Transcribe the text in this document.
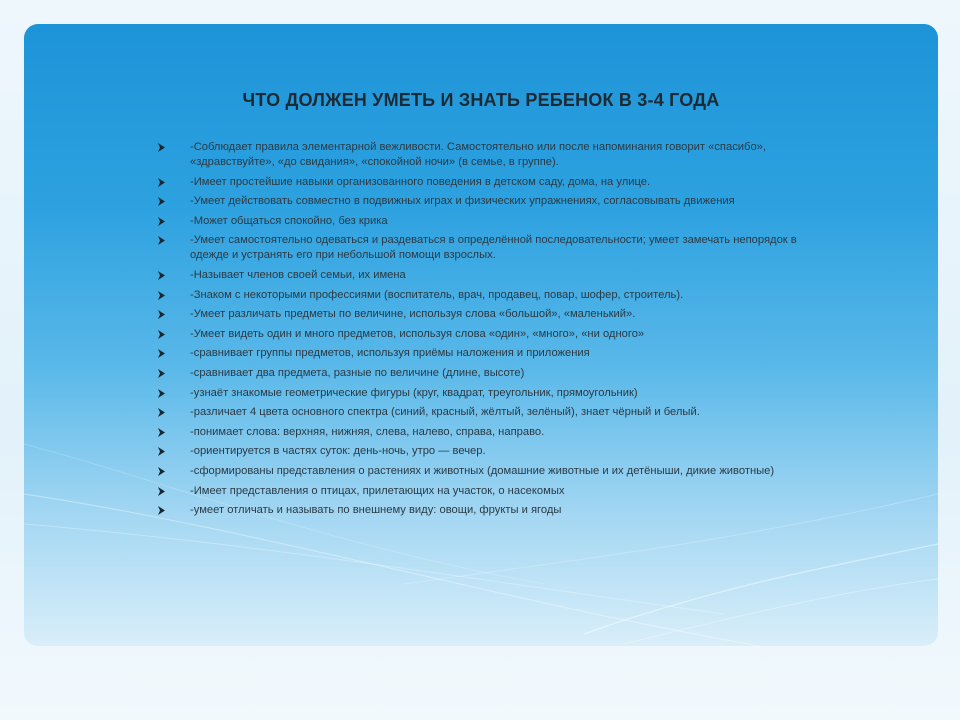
ЧТО ДОЛЖЕН УМЕТЬ И ЗНАТЬ РЕБЕНОК В 3-4 ГОДА
-Соблюдает правила элементарной вежливости. Самостоятельно или после напоминания говорит «спасибо», «здравствуйте», «до свидания», «спокойной ночи» (в семье, в группе).
-Имеет простейшие навыки организованного поведения в детском саду, дома, на улице.
-Умеет действовать совместно в подвижных играх и физических упражнениях, согласовывать движения
-Может общаться спокойно, без крика
-Умеет самостоятельно одеваться и раздеваться в определённой последовательности; умеет замечать непорядок в одежде и устранять его при небольшой помощи взрослых.
-Называет членов своей семьи, их имена
-Знаком с некоторыми профессиями (воспитатель, врач, продавец, повар, шофер, строитель).
-Умеет различать предметы по величине, используя слова «большой», «маленький».
-Умеет видеть один и много предметов, используя слова «один», «много», «ни одного»
-сравнивает группы предметов, используя приёмы наложения и приложения
-сравнивает два предмета, разные по величине (длине, высоте)
-узнаёт знакомые геометрические фигуры (круг, квадрат, треугольник, прямоугольник)
-различает 4 цвета основного спектра (синий, красный, жёлтый, зелёный), знает чёрный и белый.
-понимает слова: верхняя, нижняя, слева, налево, справа, направо.
-ориентируется в частях суток: день-ночь, утро — вечер.
-сформированы представления о растениях и животных (домашние животные и их детёныши, дикие животные)
-Имеет представления о птицах, прилетающих на участок, о насекомых
-умеет отличать и называть по внешнему виду: овощи, фрукты и ягоды
